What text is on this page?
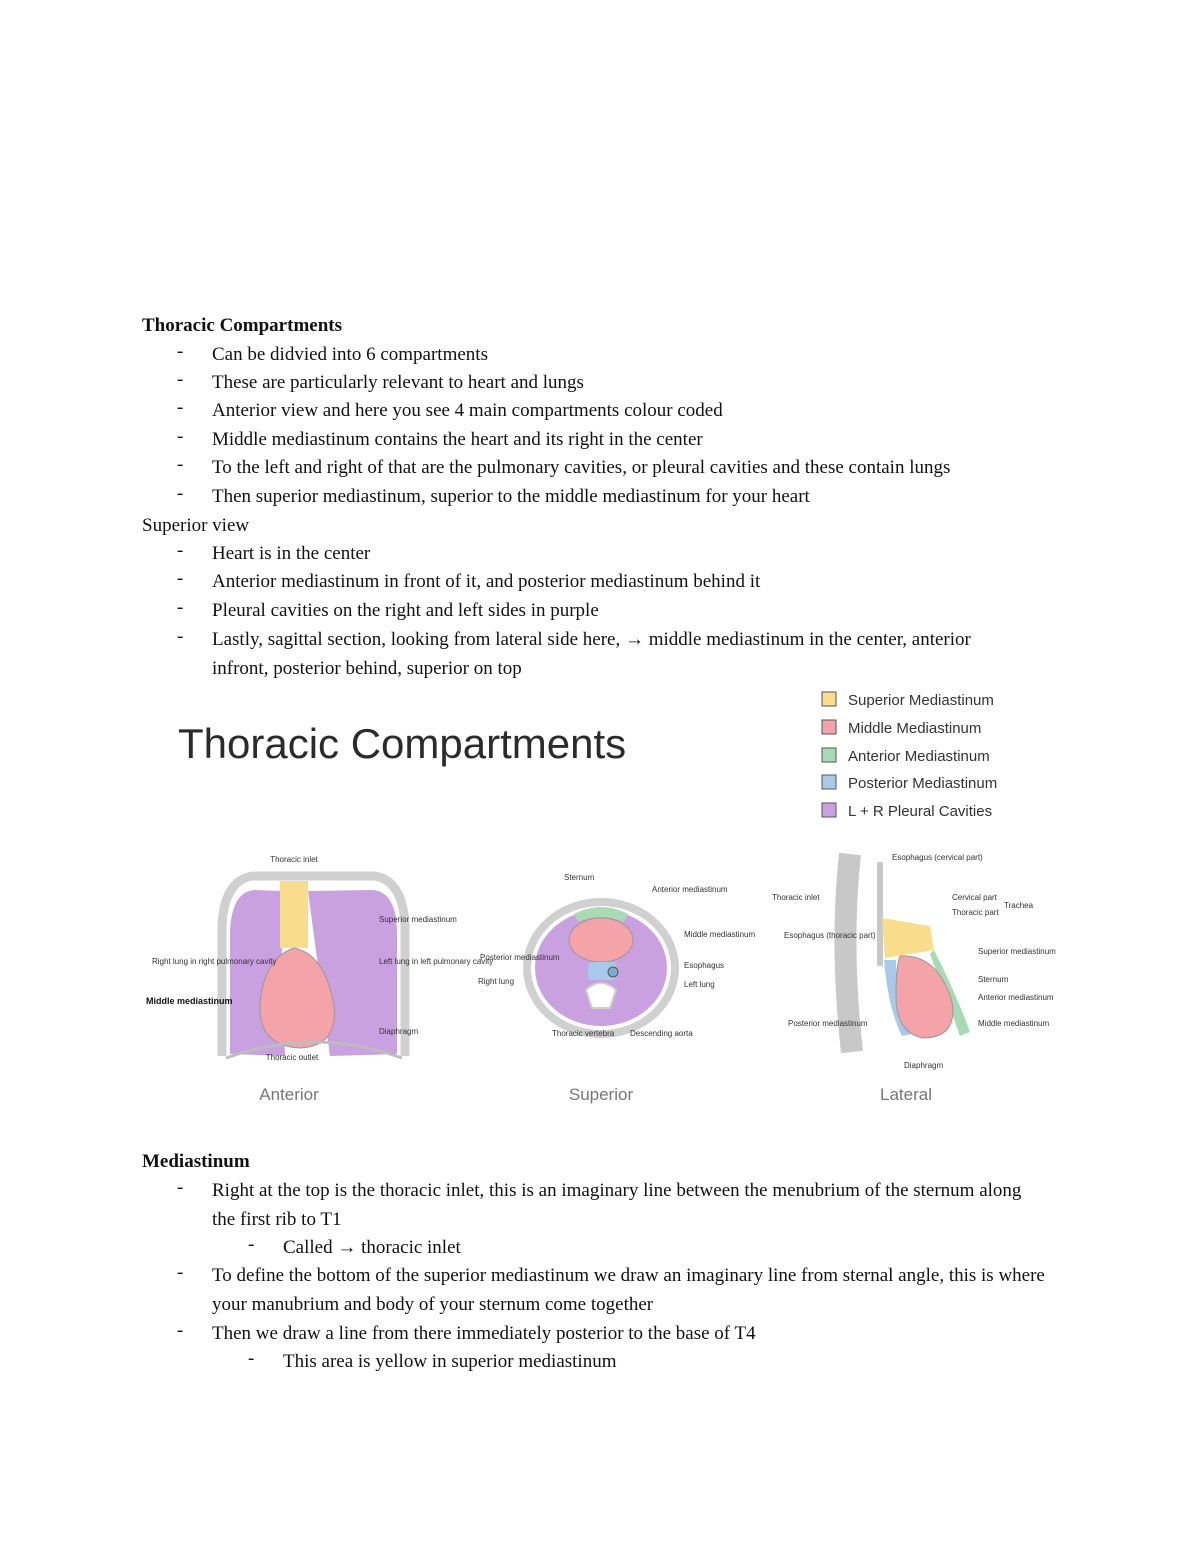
Thoracic Compartments
- Can be didvied into 6 compartments
- These are particularly relevant to heart and lungs
- Anterior view and here you see 4 main compartments colour coded
- Middle mediastinum contains the heart and its right in the center
- To the left and right of that are the pulmonary cavities, or pleural cavities and these contain lungs
- Then superior mediastinum, superior to the middle mediastinum for your heart
Superior view
- Heart is in the center
- Anterior mediastinum in front of it, and posterior mediastinum behind it
- Pleural cavities on the right and left sides in purple
- Lastly, sagittal section, looking from lateral side here, → middle mediastinum in the center, anterior infront, posterior behind, superior on top
Thoracic Compartments
Superior Mediastinum
Middle Mediastinum
Anterior Mediastinum
Posterior Mediastinum
L + R Pleural Cavities
Thoracic inlet
Superior mediastinum
Right lung in right pulmonary cavity	Left lung in left pulmonary cavity
Middle mediastinum
Diaphragm
Thoracic outlet
Anterior
Sternum
Anterior mediastinum
Middle mediastinum
Posterior mediastinum
Esophagus
Right lung	Left lung
Thoracic vertebra Descending aorta
Superior
Esophagus (cervical part)
Thoracic inlet	Cervical part
Thoracic part
Trachea
Esophagus (thoracic part)
Superior mediastinum
Sternum
Anterior mediastinum
Middle mediastinum
Posterior mediastinum
Diaphragm
Lateral
Mediastinum
- Right at the top is the thoracic inlet, this is an imaginary line between the menubrium of the sternum along the first rib to T1
- Called → thoracic inlet
- To define the bottom of the superior mediastinum we draw an imaginary line from sternal angle, this is where your manubrium and body of your sternum come together
- Then we draw a line from there immediately posterior to the base of T4
- This area is yellow in superior mediastinum
